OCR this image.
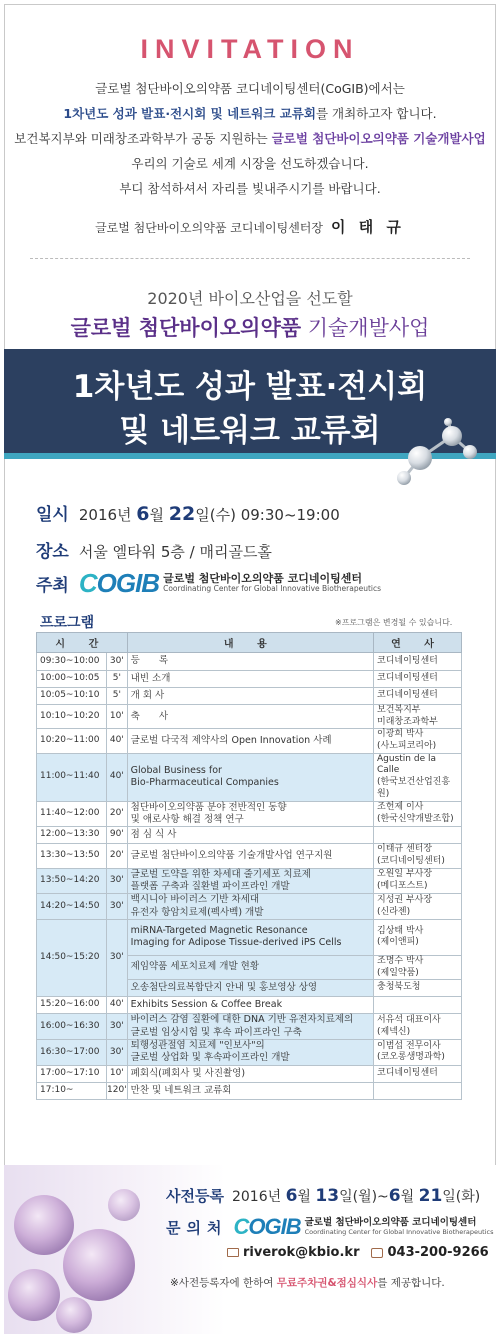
INVITATION
글로벌 첨단바이오의약품 코디네이팅센터(CoGIB)에서는
1차년도 성과 발표·전시회 및 네트워크 교류회를 개최하고자 합니다.
보건복지부와 미래창조과학부가 공동 지원하는 글로벌 첨단바이오의약품 기술개발사업
우리의 기술로 세계 시장을 선도하겠습니다.
부디 참석하셔서 자리를 빛내주시기를 바랍니다.
글로벌 첨단바이오의약품 코디네이팅센터장 이 태 규
2020년 바이오산업을 선도할
글로벌 첨단바이오의약품 기술개발사업
1차년도 성과 발표·전시회
및 네트워크 교류회
일시 2016년 6월 22일(수) 09:30~19:00
장소 서울 엘타워 5층 / 매리골드홀
주최 COGIB 글로벌 첨단바이오의약품 코디네이팅센터
Coordinating Center for Global Innovative Biotherapeutics
프로그램	※프로그램은 변경될 수 있습니다.
시 간		내 용	연 사
09:30~10:00	30'	등　　록	코디네이팅센터
10:00~10:05	5'	내빈 소개	코디네이팅센터
10:05~10:10	5'	개 회 사	코디네이팅센터
10:10~10:20	10'	축　　사	보건복지부
미래창조과학부
10:20~11:00	40'	글로벌 다국적 제약사의 Open Innovation 사례	이광희 박사
(사노피코리아)
11:00~11:40	40'	Global Business for
Bio-Pharmaceutical Companies	Agustin de la Calle
(한국보건산업진흥원)
11:40~12:00	20'	첨단바이오의약품 분야 전반적인 동향
및 애로사항 해결 정책 연구	조헌제 이사
(한국신약개발조합)
12:00~13:30	90'	점 심 식 사	
13:30~13:50	20'	글로벌 첨단바이오의약품 기술개발사업 연구지원	이태규 센터장
(코디네이팅센터)
13:50~14:20	30'	글로벌 도약을 위한 차세대 줄기세포 치료제
플랫폼 구축과 질환별 파이프라인 개발	오원일 부사장
(메디포스트)
14:20~14:50	30'	백시니아 바이러스 기반 차세대
유전자 항암치료제(펙사벡) 개발	지성권 부사장
(신라젠)
14:50~15:20	30'	miRNA-Targeted Magnetic Resonance
Imaging for Adipose Tissue-derived iPS Cells	김상태 박사
(제이앤피)
		제임약품 세포치료제 개발 현황	조명수 박사
(제일약품)
		오송첨단의료복합단지 안내 및 홍보영상 상영	충청북도청
15:20~16:00	40'	Exhibits Session & Coffee Break	
16:00~16:30	30'	바이러스 감염 질환에 대한 DNA 기반 유전자치료제의
글로벌 임상시험 및 후속 파이프라인 구축	서유석 대표이사
(제넥신)
16:30~17:00	30'	퇴행성관절염 치료제 "인보사"의
글로벌 상업화 및 후속파이프라인 개발	이범섭 전무이사
(코오롱생명과학)
17:00~17:10	10'	폐회식(폐회사 및 사진촬영)	코디네이팅센터
17:10~	120'	만찬 및 네트워크 교류회	
사전등록 2016년 6월 13일(월)~6월 21일(화)
문의처 COGIB 글로벌 첨단바이오의약품 코디네이팅센터
Coordinating Center for Global Innovative Biotherapeutics
riverok@kbio.kr 043-200-9266
※사전등록자에 한하여 무료주차권&점심식사를 제공합니다.
